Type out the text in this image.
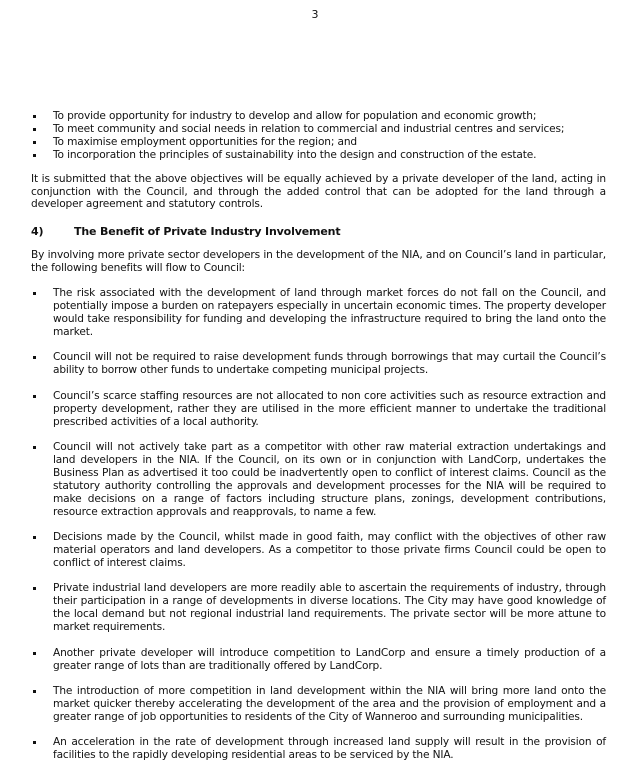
3
To provide opportunity for industry to develop and allow for population and economic growth;
To meet community and social needs in relation to commercial and industrial centres and services;
To maximise employment opportunities for the region; and
To incorporation the principles of sustainability into the design and construction of the estate.

It is submitted that the above objectives will be equally achieved by a private developer of the land, acting in conjunction with the Council, and through the added control that can be adopted for the land through a developer agreement and statutory controls.

4)	The Benefit of Private Industry Involvement

By involving more private sector developers in the development of the NIA, and on Council’s land in particular, the following benefits will flow to Council:

The risk associated with the development of land through market forces do not fall on the Council, and potentially impose a burden on ratepayers especially in uncertain economic times. The property developer would take responsibility for funding and developing the infrastructure required to bring the land onto the market.
Council will not be required to raise development funds through borrowings that may curtail the Council’s ability to borrow other funds to undertake competing municipal projects.
Council’s scarce staffing resources are not allocated to non core activities such as resource extraction and property development, rather they are utilised in the more efficient manner to undertake the traditional prescribed activities of a local authority.
Council will not actively take part as a competitor with other raw material extraction undertakings and land developers in the NIA. If the Council, on its own or in conjunction with LandCorp, undertakes the Business Plan as advertised it too could be inadvertently open to conflict of interest claims. Council as the statutory authority controlling the approvals and development processes for the NIA will be required to make decisions on a range of factors including structure plans, zonings, development contributions, resource extraction approvals and reapprovals, to name a few.
Decisions made by the Council, whilst made in good faith, may conflict with the objectives of other raw material operators and land developers. As a competitor to those private firms Council could be open to conflict of interest claims.
Private industrial land developers are more readily able to ascertain the requirements of industry, through their participation in a range of developments in diverse locations. The City may have good knowledge of the local demand but not regional industrial land requirements. The private sector will be more attune to market requirements.
Another private developer will introduce competition to LandCorp and ensure a timely production of a greater range of lots than are traditionally offered by LandCorp.
The introduction of more competition in land development within the NIA will bring more land onto the market quicker thereby accelerating the development of the area and the provision of employment and a greater range of job opportunities to residents of the City of Wanneroo and surrounding municipalities.
An acceleration in the rate of development through increased land supply will result in the provision of facilities to the rapidly developing residential areas to be serviced by the NIA.
